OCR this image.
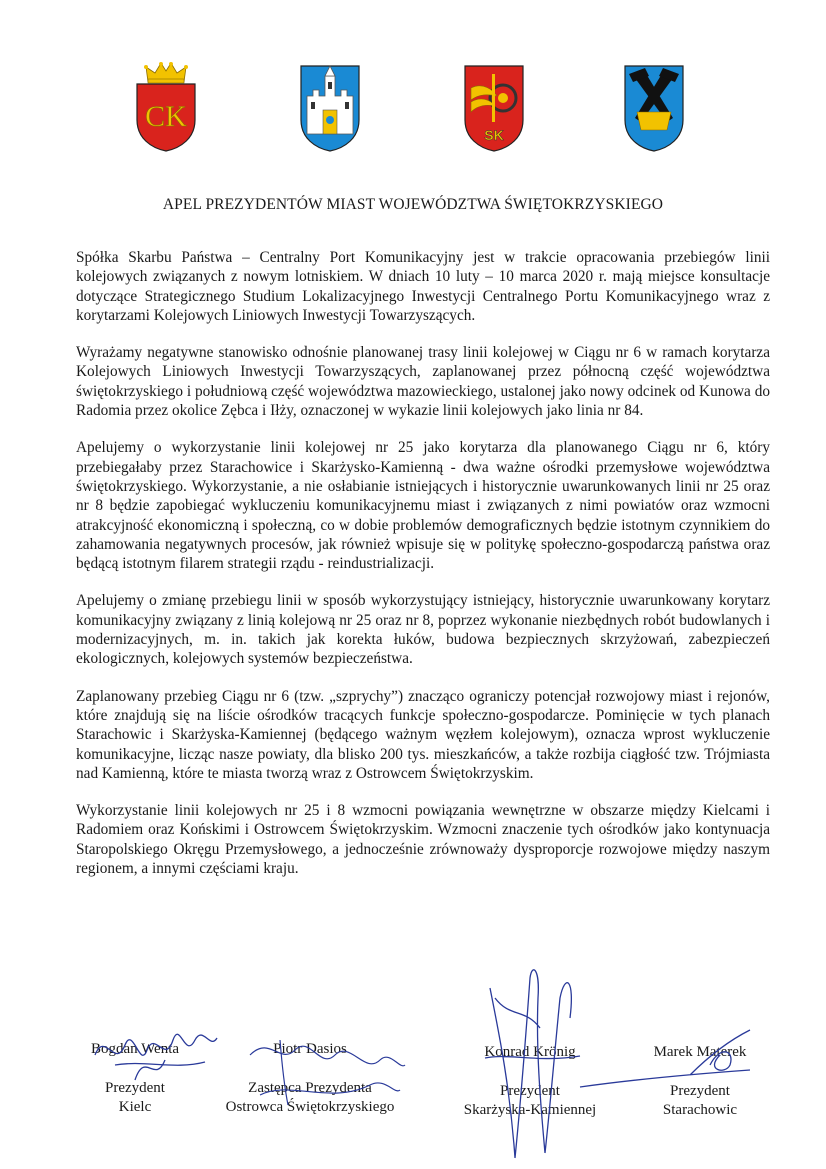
CK
SK
APEL PREZYDENTÓW MIAST WOJEWÓDZTWA ŚWIĘTOKRZYSKIEGO

Spółka Skarbu Państwa – Centralny Port Komunikacyjny jest w trakcie opracowania przebiegów linii kolejowych związanych z nowym lotniskiem. W dniach 10 luty – 10 marca 2020 r. mają miejsce konsultacje dotyczące Strategicznego Studium Lokalizacyjnego Inwestycji Centralnego Portu Komunikacyjnego wraz z korytarzami Kolejowych Liniowych Inwestycji Towarzyszących.

Wyrażamy negatywne stanowisko odnośnie planowanej trasy linii kolejowej w Ciągu nr 6 w ramach korytarza Kolejowych Liniowych Inwestycji Towarzyszących, zaplanowanej przez północną część województwa świętokrzyskiego i południową część województwa mazowieckiego, ustalonej jako nowy odcinek od Kunowa do Radomia przez okolice Zębca i Iłży, oznaczonej w wykazie linii kolejowych jako linia nr 84.

Apelujemy o wykorzystanie linii kolejowej nr 25 jako korytarza dla planowanego Ciągu nr 6, który przebiegałaby przez Starachowice i Skarżysko-Kamienną - dwa ważne ośrodki przemysłowe województwa świętokrzyskiego. Wykorzystanie, a nie osłabianie istniejących i historycznie uwarunkowanych linii nr 25 oraz nr 8 będzie zapobiegać wykluczeniu komunikacyjnemu miast i związanych z nimi powiatów oraz wzmocni atrakcyjność ekonomiczną i społeczną, co w dobie problemów demograficznych będzie istotnym czynnikiem do zahamowania negatywnych procesów, jak również wpisuje się w politykę społeczno-gospodarczą państwa oraz będącą istotnym filarem strategii rządu - reindustrializacji.

Apelujemy o zmianę przebiegu linii w sposób wykorzystujący istniejący, historycznie uwarunkowany korytarz komunikacyjny związany z linią kolejową nr 25 oraz nr 8, poprzez wykonanie niezbędnych robót budowlanych i modernizacyjnych, m. in. takich jak korekta łuków, budowa bezpiecznych skrzyżowań, zabezpieczeń ekologicznych, kolejowych systemów bezpieczeństwa.

Zaplanowany przebieg Ciągu nr 6 (tzw. „szprychy”) znacząco ograniczy potencjał rozwojowy miast i rejonów, które znajdują się na liście ośrodków tracących funkcje społeczno-gospodarcze. Pominięcie w tych planach Starachowic i Skarżyska-Kamiennej (będącego ważnym węzłem kolejowym), oznacza wprost wykluczenie komunikacyjne, licząc nasze powiaty, dla blisko 200 tys. mieszkańców, a także rozbija ciągłość tzw. Trójmiasta nad Kamienną, które te miasta tworzą wraz z Ostrowcem Świętokrzyskim.

Wykorzystanie linii kolejowych nr 25 i 8 wzmocni powiązania wewnętrzne w obszarze między Kielcami i Radomiem oraz Końskimi i Ostrowcem Świętokrzyskim. Wzmocni znaczenie tych ośrodków jako kontynuacja Staropolskiego Okręgu Przemysłowego, a jednocześnie zrównoważy dysproporcje rozwojowe między naszym regionem, a innymi częściami kraju.

Bogdan Wenta
Prezydent
Kielc
Piotr Dasios
Zastępca Prezydenta
Ostrowca Świętokrzyskiego
Konrad Krönig
Prezydent
Skarżyska-Kamiennej
Marek Materek
Prezydent
Starachowic
